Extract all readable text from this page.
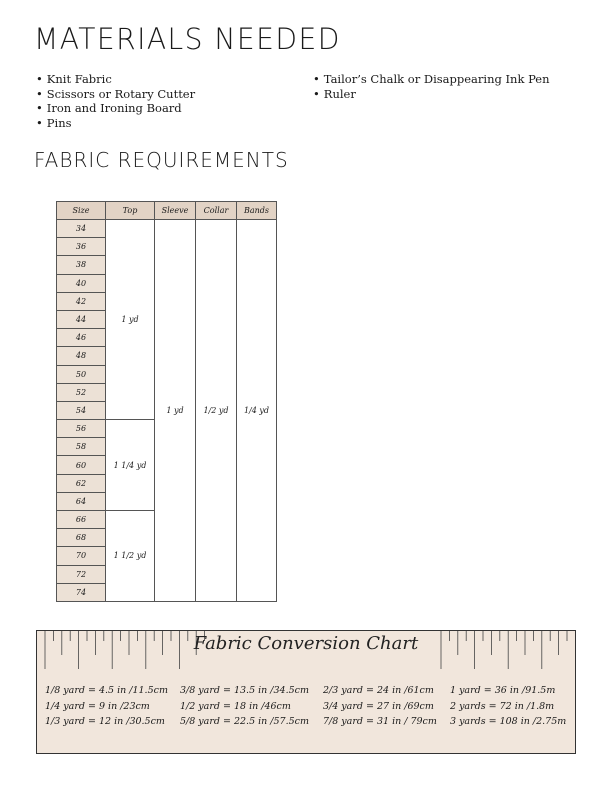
MATERIALS NEEDED
• Knit Fabric
• Scissors or Rotary Cutter
• Iron and Ironing Board
• Pins
• Tailor’s Chalk or Disappearing Ink Pen
• Ruler
FABRIC REQUIREMENTS
Size	Top	Sleeve	Collar	Bands
34	1 yd	1 yd	1/2 yd	1/4 yd
36				
38				
40				
42				
44				
46				
48				
50				
52				
54				
56	1 1/4 yd			
58				
60				
62				
64				
66	1 1/2 yd			
68				
70				
72				
74				
Fabric Conversion Chart
1/8 yard = 4.5 in /11.5cm
1/4 yard = 9 in /23cm
1/3 yard = 12 in /30.5cm
3/8 yard = 13.5 in /34.5cm
1/2 yard = 18 in /46cm
5/8 yard = 22.5 in /57.5cm
2/3 yard = 24 in /61cm
3/4 yard = 27 in /69cm
7/8 yard = 31 in / 79cm
1 yard = 36 in /91.5m
2 yards = 72 in /1.8m
3 yards = 108 in /2.75m
